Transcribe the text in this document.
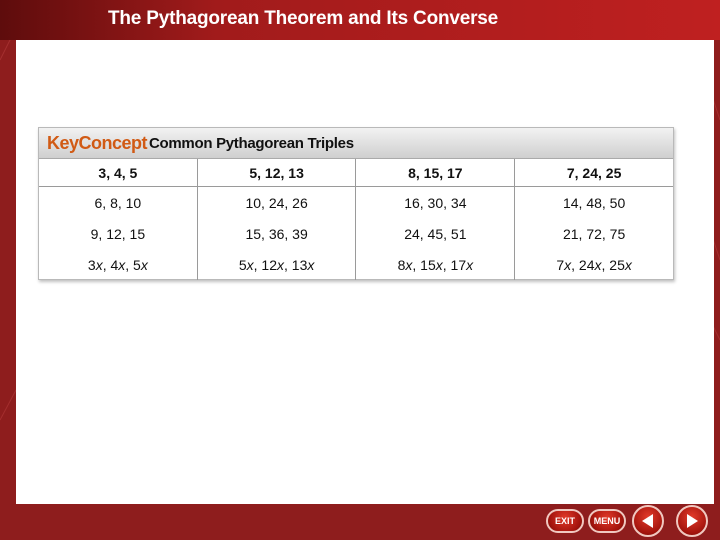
The Pythagorean Theorem and Its Converse
KeyConcept Common Pythagorean Triples
3, 4, 5	5, 12, 13	8, 15, 17	7, 24, 25
6, 8, 10	10, 24, 26	16, 30, 34	14, 48, 50
9, 12, 15	15, 36, 39	24, 45, 51	21, 72, 75
3x, 4x, 5x	5x, 12x, 13x	8x, 15x, 17x	7x, 24x, 25x
EXIT	MENU
